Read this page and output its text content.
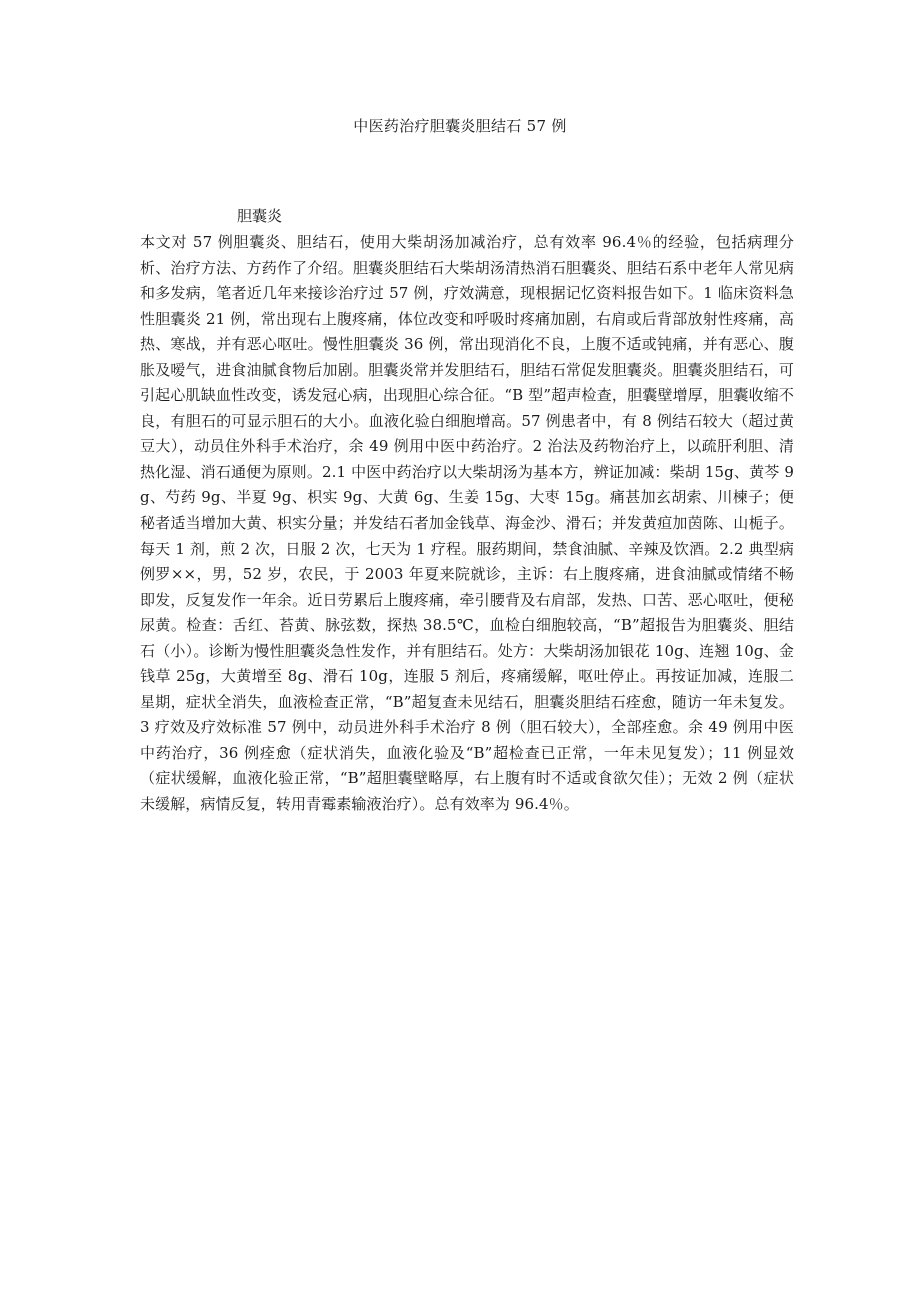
中医药治疗胆囊炎胆结石 57 例
胆囊炎
本文对 57 例胆囊炎、胆结石，使用大柴胡汤加减治疗，总有效率 96.4％的经验，包括病理分析、治疗方法、方药作了介绍。胆囊炎胆结石大柴胡汤清热消石胆囊炎、胆结石系中老年人常见病和多发病，笔者近几年来接诊治疗过 57 例，疗效满意，现根据记忆资料报告如下。1 临床资料急性胆囊炎 21 例，常出现右上腹疼痛，体位改变和呼吸时疼痛加剧，右肩或后背部放射性疼痛，高热、寒战，并有恶心呕吐。慢性胆囊炎 36 例，常出现消化不良，上腹不适或钝痛，并有恶心、腹胀及嗳气，进食油腻食物后加剧。胆囊炎常并发胆结石，胆结石常促发胆囊炎。胆囊炎胆结石，可引起心肌缺血性改变，诱发冠心病，出现胆心综合征。“B 型”超声检查，胆囊壁增厚，胆囊收缩不良，有胆石的可显示胆石的大小。血液化验白细胞增高。57 例患者中，有 8 例结石较大（超过黄豆大），动员住外科手术治疗，余 49 例用中医中药治疗。2 治法及药物治疗上，以疏肝利胆、清热化湿、消石通便为原则。2.1 中医中药治疗以大柴胡汤为基本方，辨证加减：柴胡 15g、黄芩 9g、芍药 9g、半夏 9g、枳实 9g、大黄 6g、生姜 15g、大枣 15g。痛甚加玄胡索、川楝子；便秘者适当增加大黄、枳实分量；并发结石者加金钱草、海金沙、滑石；并发黄疸加茵陈、山栀子。每天 1 剂，煎 2 次，日服 2 次，七天为 1 疗程。服药期间，禁食油腻、辛辣及饮酒。2.2 典型病例罗××，男，52 岁，农民，于 2003 年夏来院就诊，主诉：右上腹疼痛，进食油腻或情绪不畅即发，反复发作一年余。近日劳累后上腹疼痛，牵引腰背及右肩部，发热、口苦、恶心呕吐，便秘尿黄。检查：舌红、苔黄、脉弦数，探热 38.5℃，血检白细胞较高，“B”超报告为胆囊炎、胆结石（小）。诊断为慢性胆囊炎急性发作，并有胆结石。处方：大柴胡汤加银花 10g、连翘 10g、金钱草 25g，大黄增至 8g、滑石 10g，连服 5 剂后，疼痛缓解，呕吐停止。再按证加减，连服二星期，症状全消失，血液检查正常，“B”超复查未见结石，胆囊炎胆结石痊愈，随访一年未复发。3 疗效及疗效标准 57 例中，动员进外科手术治疗 8 例（胆石较大），全部痊愈。余 49 例用中医中药治疗，36 例痊愈（症状消失，血液化验及“B”超检查已正常，一年未见复发）；11 例显效（症状缓解，血液化验正常，“B”超胆囊壁略厚，右上腹有时不适或食欲欠佳）；无效 2 例（症状未缓解，病情反复，转用青霉素输液治疗）。总有效率为 96.4％。
